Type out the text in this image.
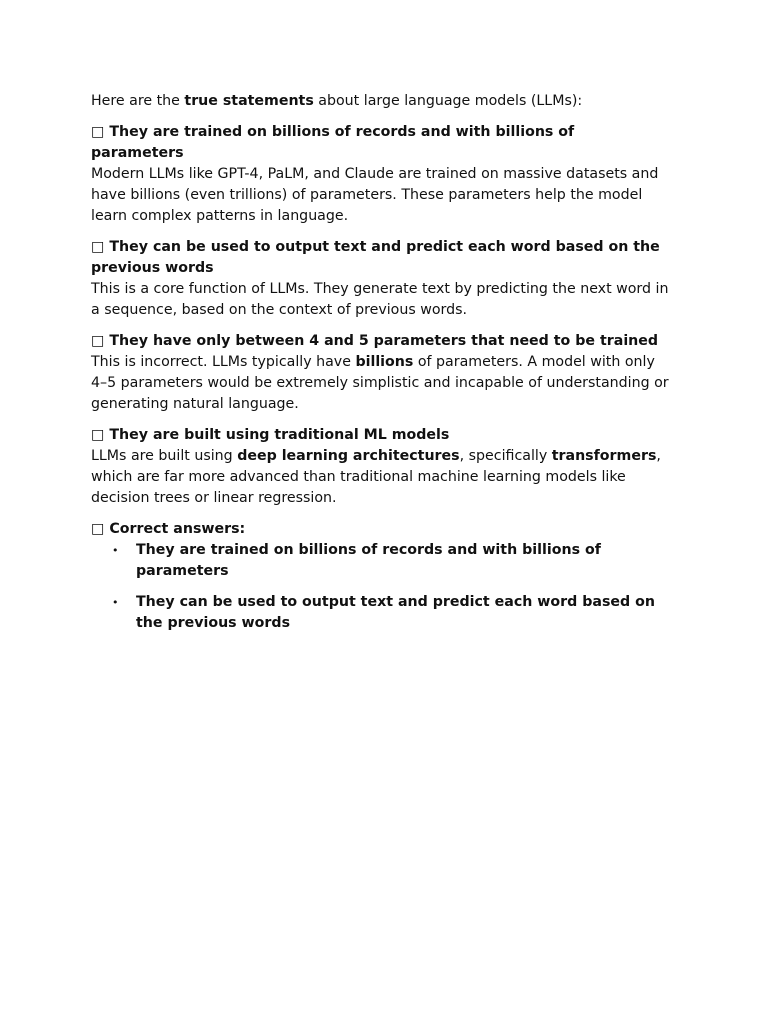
Here are the true statements about large language models (LLMs):

□ They are trained on billions of records and with billions of parameters

Modern LLMs like GPT-4, PaLM, and Claude are trained on massive datasets and have billions (even trillions) of parameters. These parameters help the model learn complex patterns in language.

□ They can be used to output text and predict each word based on the previous words

This is a core function of LLMs. They generate text by predicting the next word in a sequence, based on the context of previous words.

□ They have only between 4 and 5 parameters that need to be trained

This is incorrect. LLMs typically have billions of parameters. A model with only 4–5 parameters would be extremely simplistic and incapable of understanding or generating natural language.

□ They are built using traditional ML models

LLMs are built using deep learning architectures, specifically transformers, which are far more advanced than traditional machine learning models like decision trees or linear regression.

□ Correct answers:

• They are trained on billions of records and with billions of parameters
• They can be used to output text and predict each word based on the previous words
